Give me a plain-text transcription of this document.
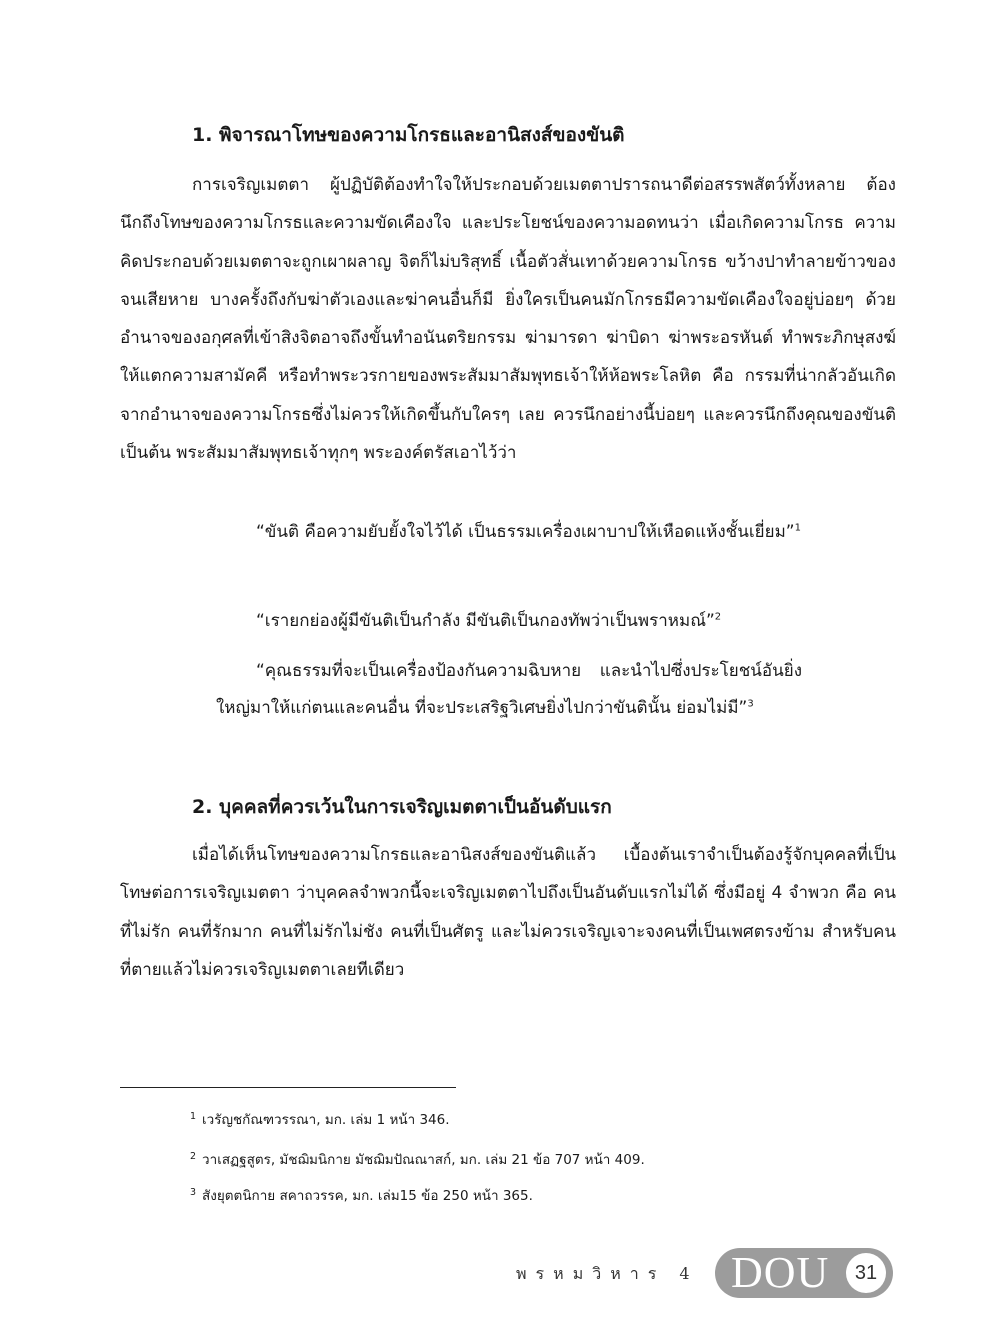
1. พิจารณาโทษของความโกรธและอานิสงส์ของขันติ

การเจริญเมตตา ผู้ปฏิบัติต้องทำใจให้ประกอบด้วยเมตตาปรารถนาดีต่อสรรพสัตว์ทั้งหลาย ต้องนึกถึงโทษของความโกรธและความขัดเคืองใจ และประโยชน์ของความอดทนว่า เมื่อเกิดความโกรธ ความคิดประกอบด้วยเมตตาจะถูกเผาผลาญ จิตก็ไม่บริสุทธิ์ เนื้อตัวสั่นเทาด้วยความโกรธ ขว้างปาทำลายข้าวของจนเสียหาย บางครั้งถึงกับฆ่าตัวเองและฆ่าคนอื่นก็มี ยิ่งใครเป็นคนมักโกรธมีความขัดเคืองใจอยู่บ่อยๆ ด้วยอำนาจของอกุศลที่เข้าสิงจิตอาจถึงขั้นทำอนันตริยกรรม ฆ่ามารดา ฆ่าบิดา ฆ่าพระอรหันต์ ทำพระภิกษุสงฆ์ให้แตกความสามัคคี หรือทำพระวรกายของพระสัมมาสัมพุทธเจ้าให้ห้อพระโลหิต คือ กรรมที่น่ากลัวอันเกิดจากอำนาจของความโกรธซึ่งไม่ควรให้เกิดขึ้นกับใครๆ เลย ควรนึกอย่างนี้บ่อยๆ และควรนึกถึงคุณของขันติเป็นต้น พระสัมมาสัมพุทธเจ้าทุกๆ พระองค์ตรัสเอาไว้ว่า

“ขันติ คือความยับยั้งใจไว้ได้ เป็นธรรมเครื่องเผาบาปให้เหือดแห้งชั้นเยี่ยม”$^1$

“เรายกย่องผู้มีขันติเป็นกำลัง มีขันติเป็นกองทัพว่าเป็นพราหมณ์”$^2$

“คุณธรรมที่จะเป็นเครื่องป้องกันความฉิบหาย และนำไปซึ่งประโยชน์อันยิ่งใหญ่มาให้แก่ตนและคนอื่น ที่จะประเสริฐวิเศษยิ่งไปกว่าขันตินั้น ย่อมไม่มี”$^3$

2. บุคคลที่ควรเว้นในการเจริญเมตตาเป็นอันดับแรก

เมื่อได้เห็นโทษของความโกรธและอานิสงส์ของขันติแล้ว เบื้องต้นเราจำเป็นต้องรู้จักบุคคลที่เป็นโทษต่อการเจริญเมตตา ว่าบุคคลจำพวกนี้จะเจริญเมตตาไปถึงเป็นอันดับแรกไม่ได้ ซึ่งมีอยู่ 4 จำพวก คือ คนที่ไม่รัก คนที่รักมาก คนที่ไม่รักไม่ชัง คนที่เป็นศัตรู และไม่ควรเจริญเจาะจงคนที่เป็นเพศตรงข้าม สำหรับคนที่ตายแล้วไม่ควรเจริญเมตตาเลยทีเดียว

$^1$ เวรัญชกัณฑวรรณา, มก. เล่ม 1 หน้า 346.

$^2$ วาเสฏฐสูตร, มัชฌิมนิกาย มัชฌิมปัณณาสก์, มก. เล่ม 21 ข้อ 707 หน้า 409.

$^3$ สังยุตตนิกาย สคาถวรรค, มก. เล่ม15 ข้อ 250 หน้า 365.

พรหมวิหาร 4 DOU	31
